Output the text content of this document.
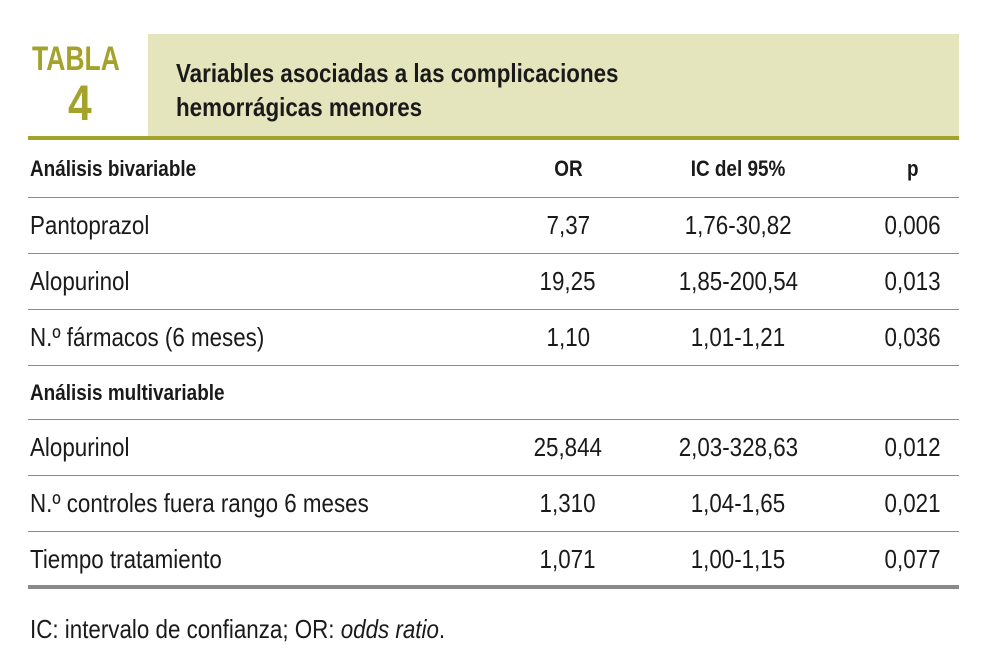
TABLA
4
Variables asociadas a las complicaciones
hemorrágicas menores
Análisis bivariable	OR	IC del 95%	p
Pantoprazol	7,37	1,76-30,82	0,006
Alopurinol	19,25	1,85-200,54	0,013
N.º fármacos (6 meses)	1,10	1,01-1,21	0,036
Análisis multivariable
Alopurinol	25,844	2,03-328,63	0,012
N.º controles fuera rango 6 meses	1,310	1,04-1,65	0,021
Tiempo tratamiento	1,071	1,00-1,15	0,077
IC: intervalo de confianza; OR: odds ratio.
